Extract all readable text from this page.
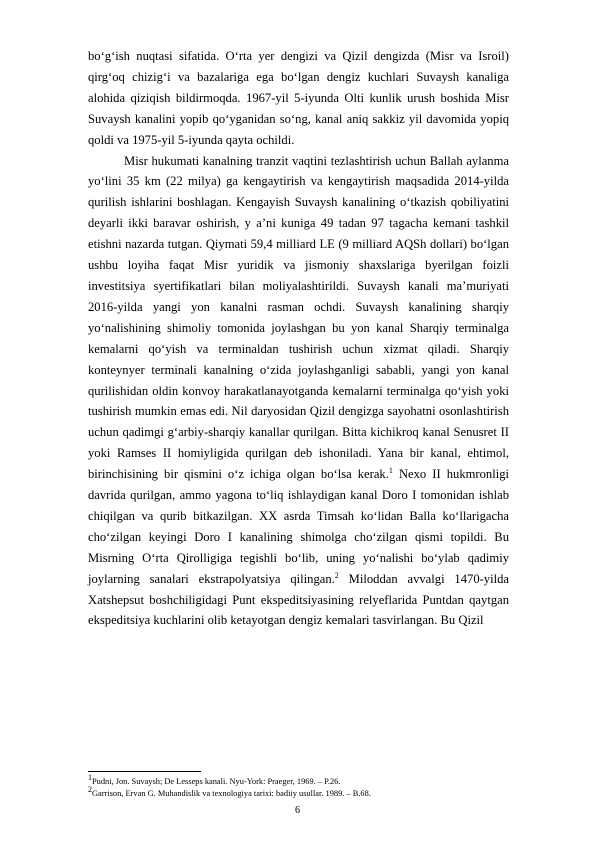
boʻgʻish nuqtasi sifatida. Oʻrta yer dengizi va Qizil dengizda (Misr va Isroil) qirgʻoq chizigʻi va bazalariga ega boʻlgan dengiz kuchlari Suvaysh kanaliga alohida qiziqish bildirmoqda. 1967-yil 5-iyunda Olti kunlik urush boshida Misr Suvaysh kanalini yopib qoʻyganidan soʻng, kanal aniq sakkiz yil davomida yopiq qoldi va 1975-yil 5-iyunda qayta ochildi.

Misr hukumati kanalning tranzit vaqtini tezlashtirish uchun Ballah aylanma yoʻlini 35 km (22 milya) ga kengaytirish va kengaytirish maqsadida 2014-yilda qurilish ishlarini boshlagan. Kengayish Suvaysh kanalining oʻtkazish qobiliyatini deyarli ikki baravar oshirish, y a’ni kuniga 49 tadan 97 tagacha kemani tashkil etishni nazarda tutgan. Qiymati 59,4 milliard LE (9 milliard AQSh dollari) boʻlgan ushbu loyiha faqat Misr yuridik va jismoniy shaxslariga byerilgan foizli investitsiya syertifikatlari bilan moliyalashtirildi. Suvaysh kanali maʼmuriyati 2016-yilda yangi yon kanalni rasman ochdi. Suvaysh kanalining sharqiy yoʻnalishining shimoliy tomonida joylashgan bu yon kanal Sharqiy terminalga kemalarni qoʻyish va terminaldan tushirish uchun xizmat qiladi. Sharqiy konteynyer terminali kanalning oʻzida joylashganligi sababli, yangi yon kanal qurilishidan oldin konvoy harakatlanayotganda kemalarni terminalga qoʻyish yoki tushirish mumkin emas edi. Nil daryosidan Qizil dengizga sayohatni osonlashtirish uchun qadimgi gʻarbiy-sharqiy kanallar qurilgan. Bitta kichikroq kanal Senusret II yoki Ramses II homiyligida qurilgan deb ishoniladi. Yana bir kanal, ehtimol, birinchisining bir qismini oʻz ichiga olgan boʻlsa kerak.$^1$ Nexo II hukmronligi davrida qurilgan, ammo yagona toʻliq ishlaydigan kanal Doro I tomonidan ishlab chiqilgan va qurib bitkazilgan. XX asrda Timsah koʻlidan Balla koʻllarigacha choʻzilgan keyingi Doro I kanalining shimolga choʻzilgan qismi topildi. Bu Misrning Oʻrta Qirolligiga tegishli boʻlib, uning yoʻnalishi boʻylab qadimiy joylarning sanalari ekstrapolyatsiya qilingan.$^2$ Miloddan avvalgi 1470-yilda Xatshepsut boshchiligidagi Punt ekspeditsiyasining relyeflarida Puntdan qaytgan ekspeditsiya kuchlarini olib ketayotgan dengiz kemalari tasvirlangan. Bu Qizil

$^1$Pudni, Jon. Suvaysh; De Lesseps kanali. Nyu-York: Praeger, 1969. – P.26.
$^2$Garrison, Ervan G. Muhandislik va texnologiya tarixi: badiiy usullar. 1989. – B.68.
6
